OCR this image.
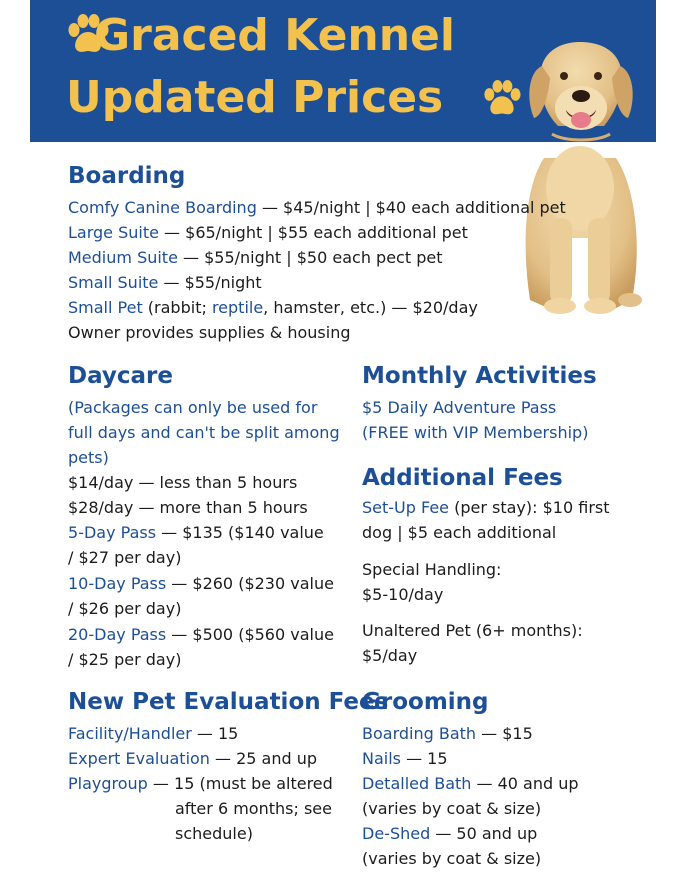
Graced Kennel
Updated Prices
Boarding
Comfy Canine Boarding — $45/night | $40 each additional pet
Large Suite — $65/night | $55 each additional pet
Medium Suite — $55/night | $50 each pect pet
Small Suite — $55/night
Small Pet (rabbit; reptile, hamster, etc.) — $20/day
Owner provides supplies & housing
Daycare
(Packages can only be used for
full days and can't be split among
pets)
$14/day — less than 5 hours
$28/day — more than 5 hours
5-Day Pass — $135 ($140 value
/ $27 per day)
10-Day Pass — $260 ($230 value
/ $26 per day)
20-Day Pass — $500 ($560 value
/ $25 per day)
Monthly Activities
$5 Daily Adventure Pass
(FREE with VIP Membership)
Additional Fees
Set-Up Fee (per stay): $10 first
dog | $5 each additional
Special Handling:
$5-10/day
Unaltered Pet (6+ months):
$5/day
New Pet Evaluation Fees
Facility/Handler — 15
Expert Evaluation — 25 and up
Playgroup — 15 (must be altered
after 6 months; see
schedule)
Grooming
Boarding Bath — $15
Nails — 15
Detalled Bath — 40 and up
(varies by coat & size)
De-Shed — 50 and up
(varies by coat & size)
